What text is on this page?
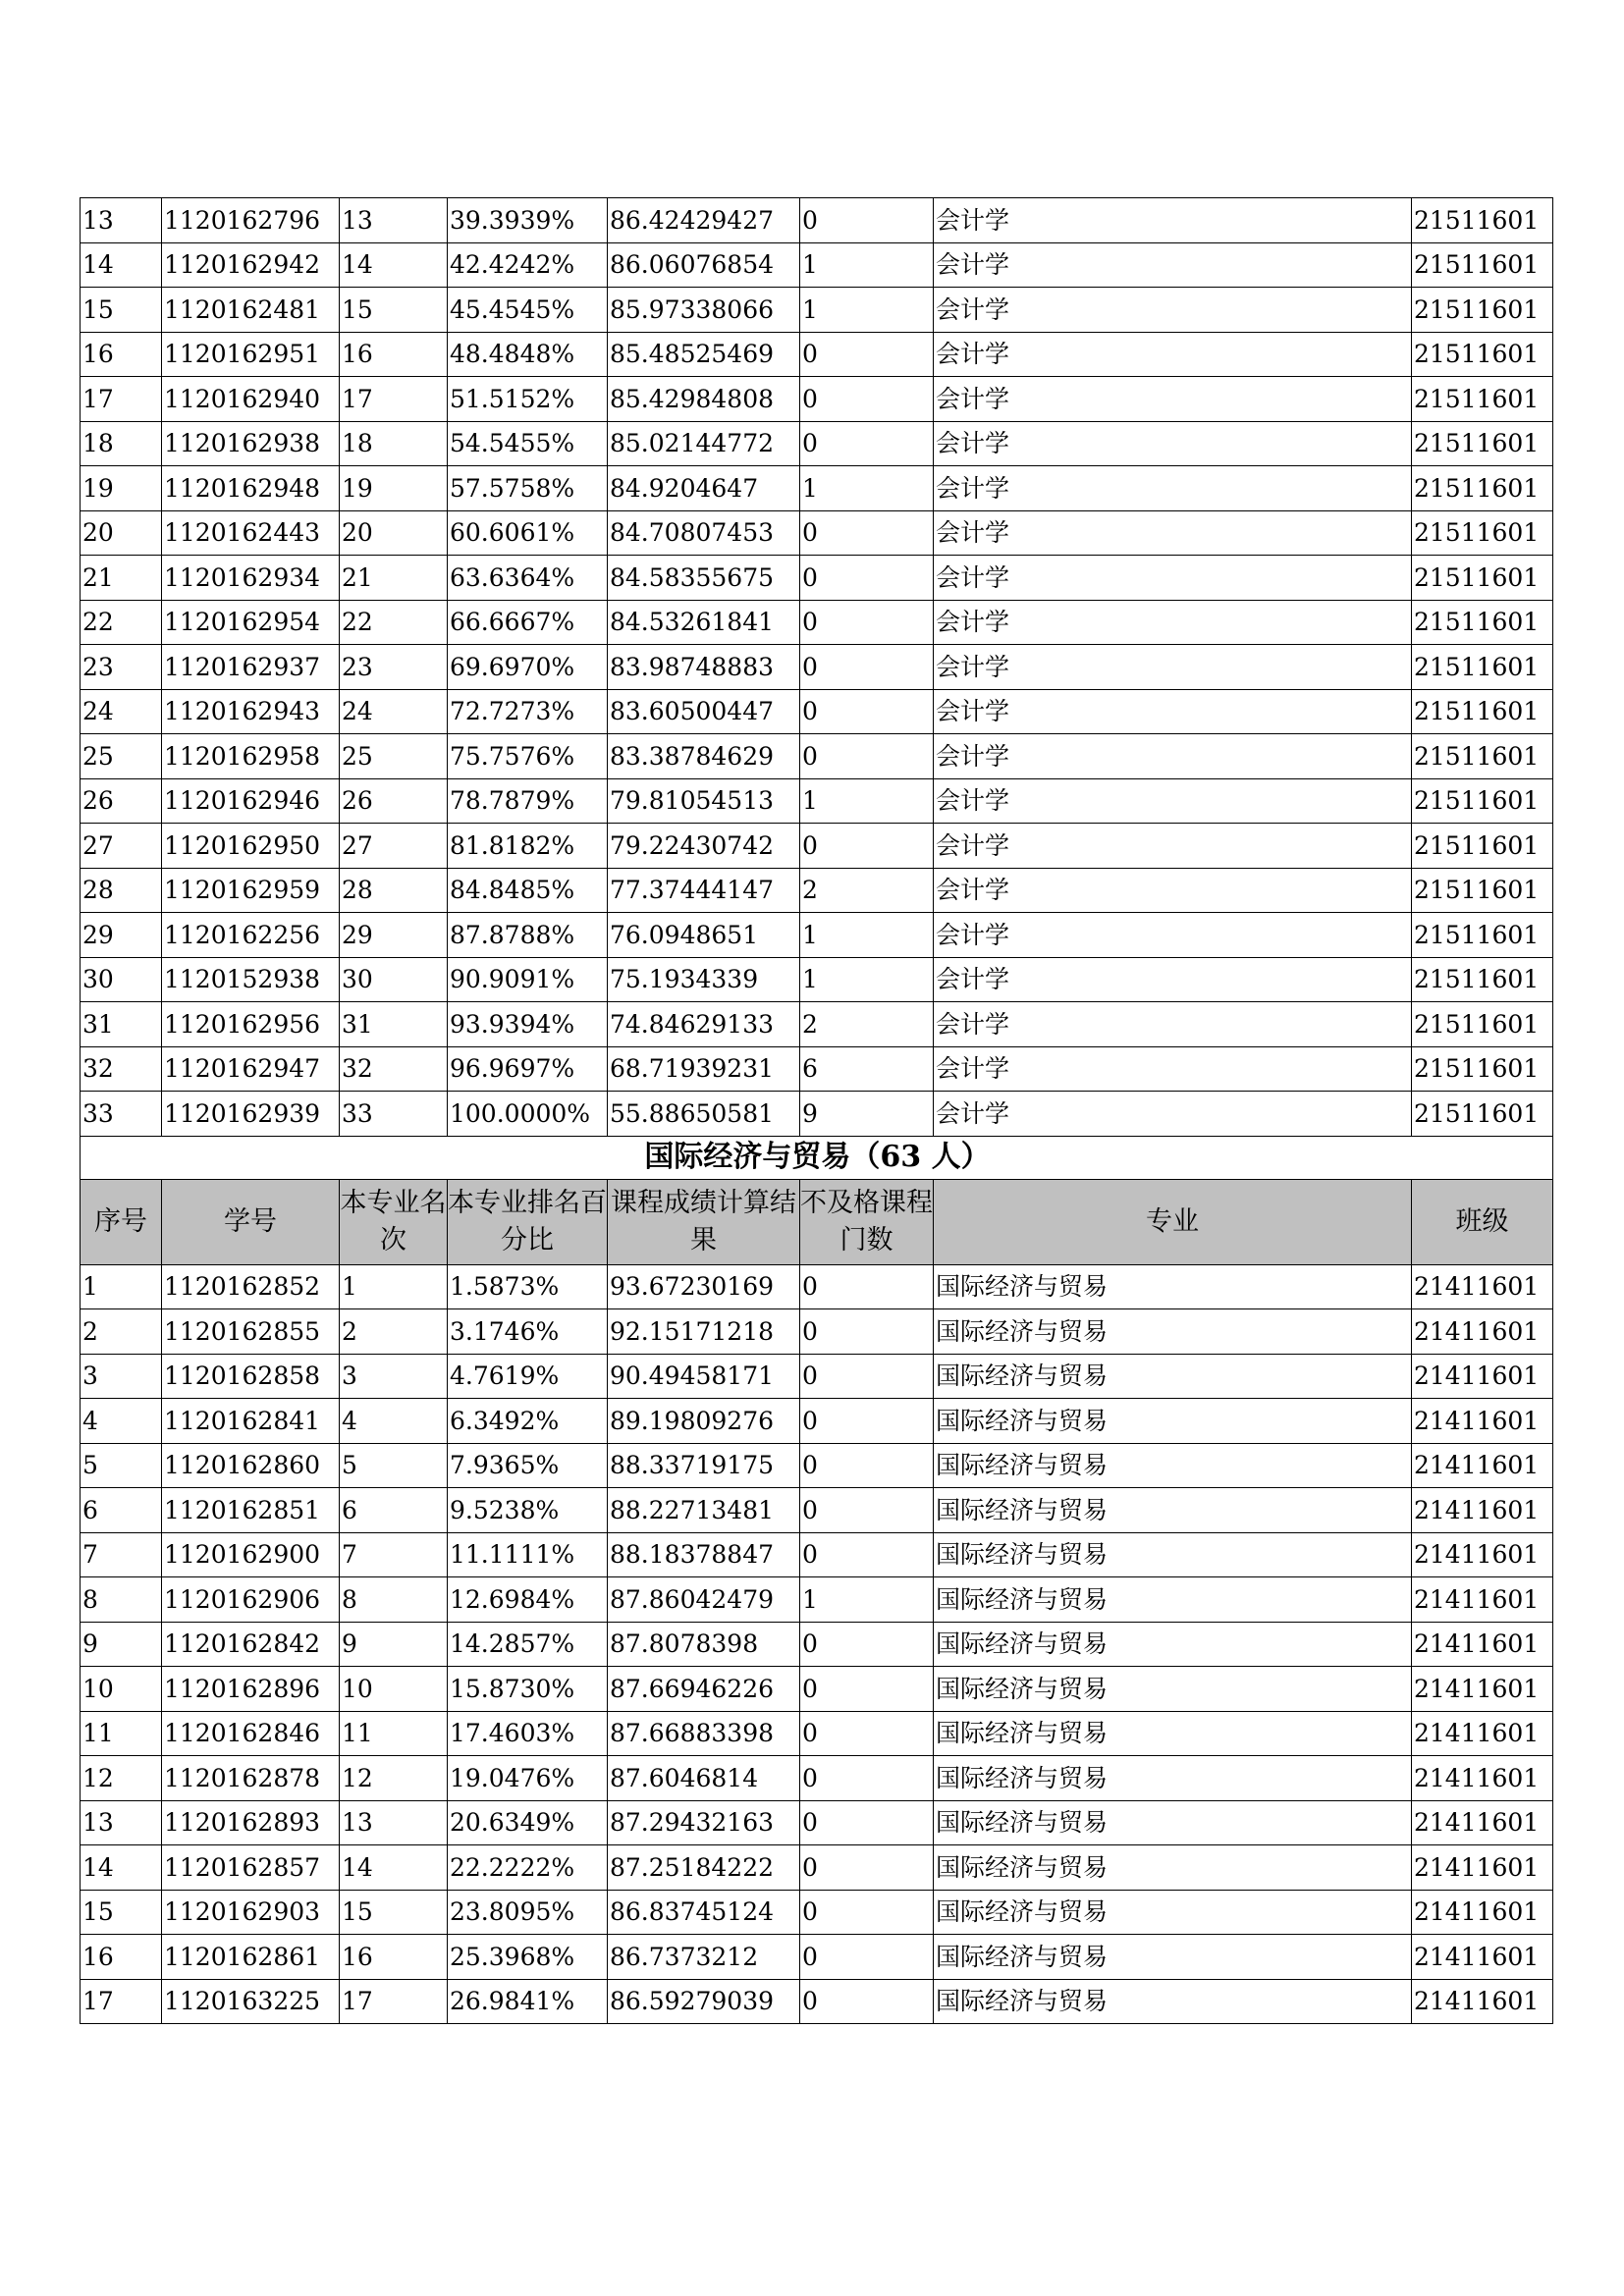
13	1120162796	13	39.3939%	86.42429427	0	会计学	21511601
14	1120162942	14	42.4242%	86.06076854	1	会计学	21511601
15	1120162481	15	45.4545%	85.97338066	1	会计学	21511601
16	1120162951	16	48.4848%	85.48525469	0	会计学	21511601
17	1120162940	17	51.5152%	85.42984808	0	会计学	21511601
18	1120162938	18	54.5455%	85.02144772	0	会计学	21511601
19	1120162948	19	57.5758%	84.9204647	1	会计学	21511601
20	1120162443	20	60.6061%	84.70807453	0	会计学	21511601
21	1120162934	21	63.6364%	84.58355675	0	会计学	21511601
22	1120162954	22	66.6667%	84.53261841	0	会计学	21511601
23	1120162937	23	69.6970%	83.98748883	0	会计学	21511601
24	1120162943	24	72.7273%	83.60500447	0	会计学	21511601
25	1120162958	25	75.7576%	83.38784629	0	会计学	21511601
26	1120162946	26	78.7879%	79.81054513	1	会计学	21511601
27	1120162950	27	81.8182%	79.22430742	0	会计学	21511601
28	1120162959	28	84.8485%	77.37444147	2	会计学	21511601
29	1120162256	29	87.8788%	76.0948651	1	会计学	21511601
30	1120152938	30	90.9091%	75.1934339	1	会计学	21511601
31	1120162956	31	93.9394%	74.84629133	2	会计学	21511601
32	1120162947	32	96.9697%	68.71939231	6	会计学	21511601
33	1120162939	33	100.0000%	55.88650581	9	会计学	21511601
国际经济与贸易（63 人）							
序号	学号	本专业名次	本专业排名百分比	课程成绩计算结果	不及格课程门数	专业	班级
1	1120162852	1	1.5873%	93.67230169	0	国际经济与贸易	21411601
2	1120162855	2	3.1746%	92.15171218	0	国际经济与贸易	21411601
3	1120162858	3	4.7619%	90.49458171	0	国际经济与贸易	21411601
4	1120162841	4	6.3492%	89.19809276	0	国际经济与贸易	21411601
5	1120162860	5	7.9365%	88.33719175	0	国际经济与贸易	21411601
6	1120162851	6	9.5238%	88.22713481	0	国际经济与贸易	21411601
7	1120162900	7	11.1111%	88.18378847	0	国际经济与贸易	21411601
8	1120162906	8	12.6984%	87.86042479	1	国际经济与贸易	21411601
9	1120162842	9	14.2857%	87.8078398	0	国际经济与贸易	21411601
10	1120162896	10	15.8730%	87.66946226	0	国际经济与贸易	21411601
11	1120162846	11	17.4603%	87.66883398	0	国际经济与贸易	21411601
12	1120162878	12	19.0476%	87.6046814	0	国际经济与贸易	21411601
13	1120162893	13	20.6349%	87.29432163	0	国际经济与贸易	21411601
14	1120162857	14	22.2222%	87.25184222	0	国际经济与贸易	21411601
15	1120162903	15	23.8095%	86.83745124	0	国际经济与贸易	21411601
16	1120162861	16	25.3968%	86.7373212	0	国际经济与贸易	21411601
17	1120163225	17	26.9841%	86.59279039	0	国际经济与贸易	21411601
